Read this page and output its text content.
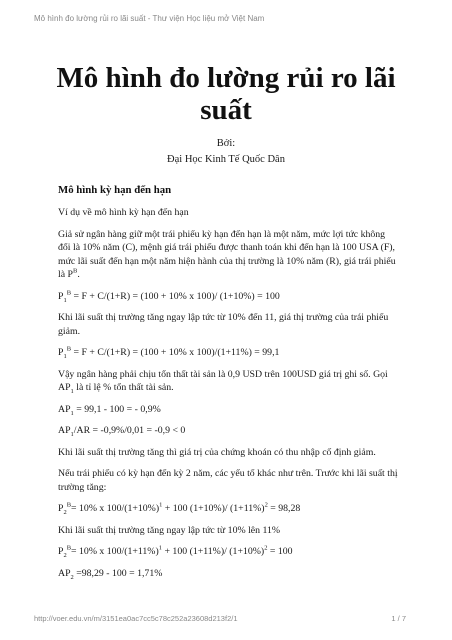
Mô hình đo lường rủi ro lãi suất - Thư viện Học liệu mở Việt Nam
Mô hình đo lường rủi ro lãi suất
Bởi:
Đại Học Kinh Tế Quốc Dân
Mô hình kỳ hạn đến hạn

Ví dụ về mô hình kỳ hạn đến hạn

Giả sử ngân hàng giữ một trái phiếu kỳ hạn đến hạn là một năm, mức lợi tức không đổi là 10% năm (C), mệnh giá trái phiếu được thanh toán khi đến hạn là 100 USA (F), mức lãi suất đến hạn một năm hiện hành của thị trường là 10% năm (R), giá trái phiếu là $P^B$.

$P_1^B = F + C/(1+R) = (100 + 10\%$ x 100)/ (1+10%) = 100

Khi lãi suất thị trường tăng ngay lập tức từ 10% đến 11, giá thị trường của trái phiếu giảm.

$P_1^B = F + C/(1+R) = (100 + 10\%$ x 100)/(1+11%) = 99,1

Vậy ngân hàng phải chịu tổn thất tài sản là 0,9 USD trên 100USD giá trị ghi số. Gọi $AP_1$ là tỉ lệ % tổn thất tài sản.

$AP_1 = 99,1 - 100$ = - 0,9%

$AP_1/AR = -0,9\%/0,01 = -0,9 < 0$

Khi lãi suất thị trường tăng thì giá trị của chứng khoán có thu nhập cố định giảm.

Nếu trái phiếu có kỳ hạn đến kỳ 2 năm, các yếu tố khác như trên. Trước khi lãi suất thị trường tăng:

$P_2^B= 10\%$ x $100/(1+10\%)^1 + 100$ (1+10%)/ $(1+11\%)^2 = 98,28$

Khi lãi suất thị trường tăng ngay lập tức từ 10% lên 11%

$P_2^B= 10\%$ x $100/(1+11\%)^1 + 100$ (1+11%)/ $(1+10\%)^2 = 100$

$AP_2 =98,29 - 100 = 1,71\%$

http://voer.edu.vn/m/3151ea0ac7cc5c78c252a23608d213f2/1	1 / 7
